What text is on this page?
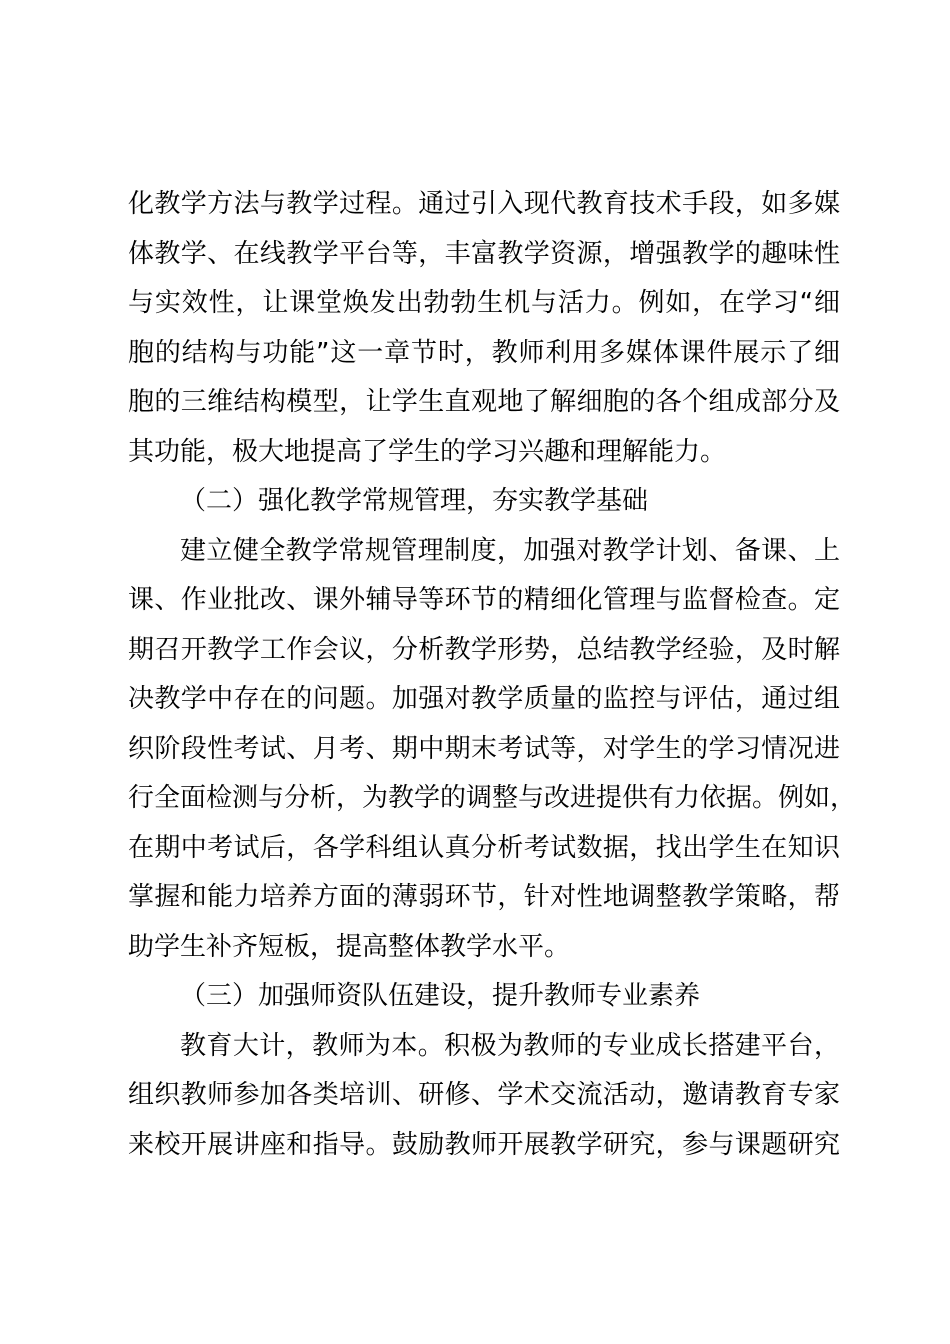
化教学方法与教学过程。通过引入现代教育技术手段，如多媒
体教学、在线教学平台等，丰富教学资源，增强教学的趣味性
与实效性，让课堂焕发出勃勃生机与活力。例如，在学习“细
胞的结构与功能”这一章节时，教师利用多媒体课件展示了细
胞的三维结构模型，让学生直观地了解细胞的各个组成部分及
其功能，极大地提高了学生的学习兴趣和理解能力。
（二）强化教学常规管理，夯实教学基础
建立健全教学常规管理制度，加强对教学计划、备课、上
课、作业批改、课外辅导等环节的精细化管理与监督检查。定
期召开教学工作会议，分析教学形势，总结教学经验，及时解
决教学中存在的问题。加强对教学质量的监控与评估，通过组
织阶段性考试、月考、期中期末考试等，对学生的学习情况进
行全面检测与分析，为教学的调整与改进提供有力依据。例如，
在期中考试后，各学科组认真分析考试数据，找出学生在知识
掌握和能力培养方面的薄弱环节，针对性地调整教学策略，帮
助学生补齐短板，提高整体教学水平。
（三）加强师资队伍建设，提升教师专业素养
教育大计，教师为本。积极为教师的专业成长搭建平台，
组织教师参加各类培训、研修、学术交流活动，邀请教育专家
来校开展讲座和指导。鼓励教师开展教学研究，参与课题研究
